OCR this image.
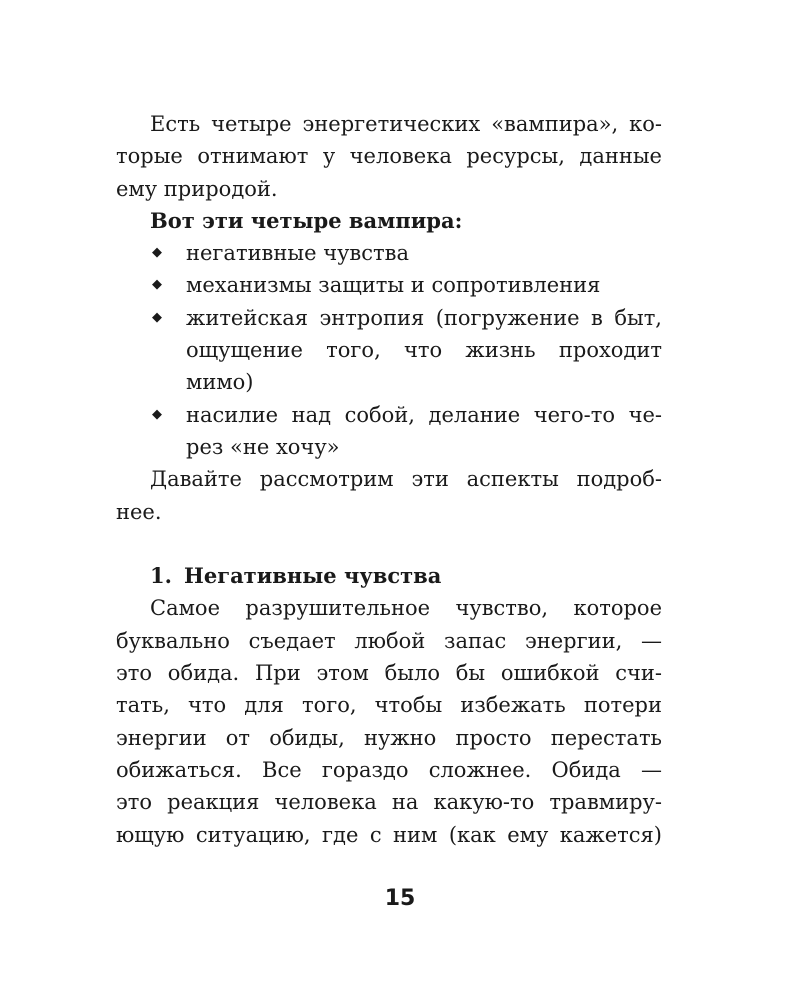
Есть четыре энергетических «вампира», ко-
торые отнимают у человека ресурсы, данные
ему природой.
Вот эти четыре вампира:
◆ негативные чувства
◆ механизмы защиты и сопротивления
◆ житейская энтропия (погружение в быт,
ощущение того, что жизнь проходит
мимо)
◆ насилие над собой, делание чего-то че-
рез «не хочу»
Давайте рассмотрим эти аспекты подроб-
нее.
1. Негативные чувства
Самое разрушительное чувство, которое
буквально съедает любой запас энергии, —
это обида. При этом было бы ошибкой счи-
тать, что для того, чтобы избежать потери
энергии от обиды, нужно просто перестать
обижаться. Все гораздо сложнее. Обида —
это реакция человека на какую-то травмиру-
ющую ситуацию, где с ним (как ему кажется)
15
